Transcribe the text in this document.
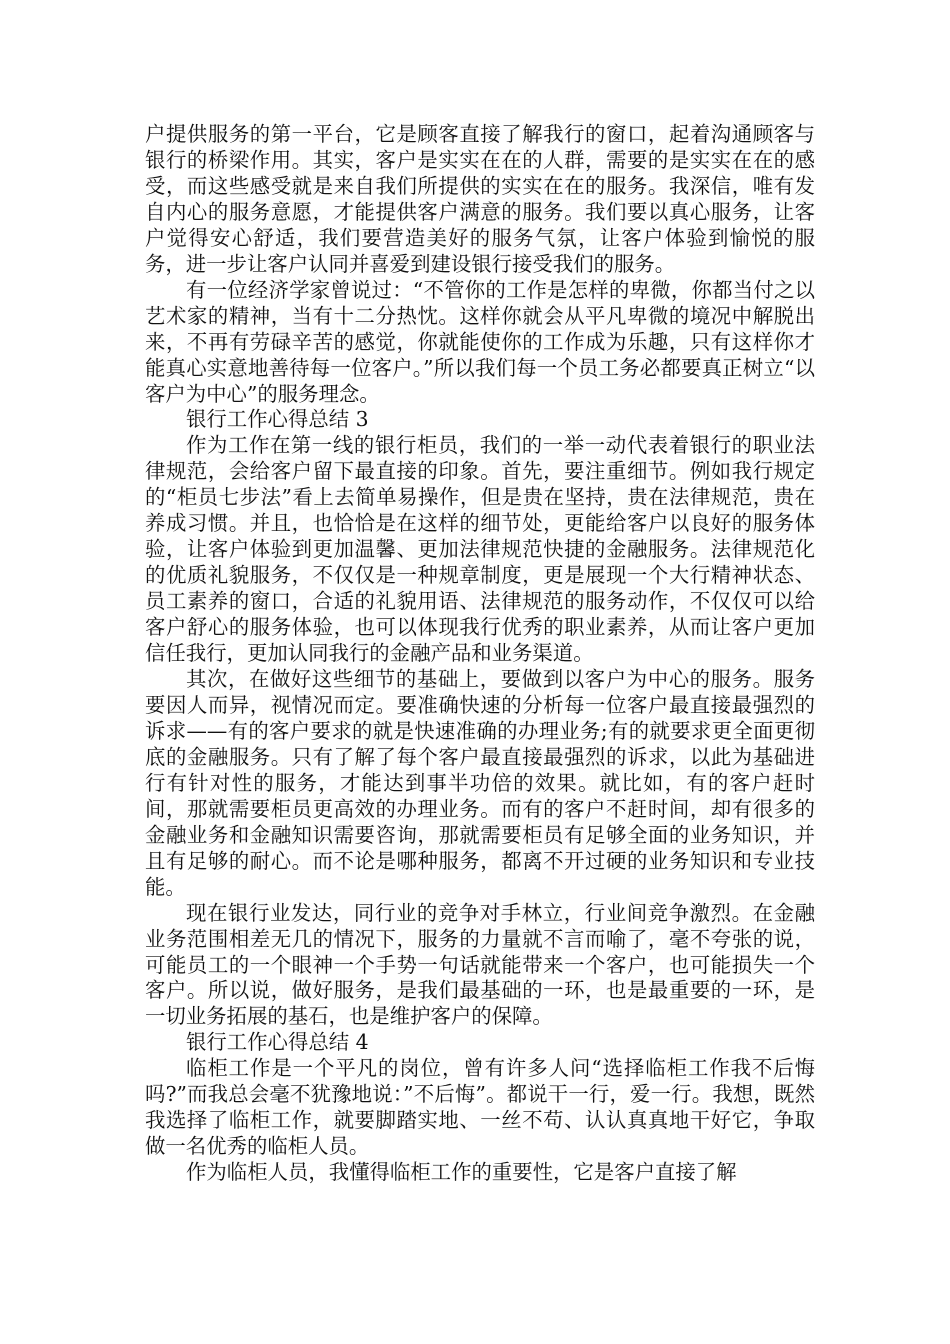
户提供服务的第一平台，它是顾客直接了解我行的窗口，起着沟通顾客与银行的桥梁作用。其实，客户是实实在在的人群，需要的是实实在在的感受，而这些感受就是来自我们所提供的实实在在的服务。我深信，唯有发自内心的服务意愿，才能提供客户满意的服务。我们要以真心服务，让客户觉得安心舒适，我们要营造美好的服务气氛，让客户体验到愉悦的服务，进一步让客户认同并喜爱到建设银行接受我们的服务。

有一位经济学家曾说过：“不管你的工作是怎样的卑微，你都当付之以艺术家的精神，当有十二分热忱。这样你就会从平凡卑微的境况中解脱出来，不再有劳碌辛苦的感觉，你就能使你的工作成为乐趣，只有这样你才能真心实意地善待每一位客户。”所以我们每一个员工务必都要真正树立“以客户为中心”的服务理念。

银行工作心得总结 3

作为工作在第一线的银行柜员，我们的一举一动代表着银行的职业法律规范，会给客户留下最直接的印象。首先，要注重细节。例如我行规定的“柜员七步法”看上去简单易操作，但是贵在坚持，贵在法律规范，贵在养成习惯。并且，也恰恰是在这样的细节处，更能给客户以良好的服务体验，让客户体验到更加温馨、更加法律规范快捷的金融服务。法律规范化的优质礼貌服务，不仅仅是一种规章制度，更是展现一个大行精神状态、员工素养的窗口，合适的礼貌用语、法律规范的服务动作，不仅仅可以给客户舒心的服务体验，也可以体现我行优秀的职业素养，从而让客户更加信任我行，更加认同我行的金融产品和业务渠道。

其次，在做好这些细节的基础上，要做到以客户为中心的服务。服务要因人而异，视情况而定。要准确快速的分析每一位客户最直接最强烈的诉求——有的客户要求的就是快速准确的办理业务;有的就要求更全面更彻底的金融服务。只有了解了每个客户最直接最强烈的诉求，以此为基础进行有针对性的服务，才能达到事半功倍的效果。就比如，有的客户赶时间，那就需要柜员更高效的办理业务。而有的客户不赶时间，却有很多的金融业务和金融知识需要咨询，那就需要柜员有足够全面的业务知识，并且有足够的耐心。而不论是哪种服务，都离不开过硬的业务知识和专业技能。

现在银行业发达，同行业的竞争对手林立，行业间竞争激烈。在金融业务范围相差无几的情况下，服务的力量就不言而喻了，毫不夸张的说，可能员工的一个眼神一个手势一句话就能带来一个客户，也可能损失一个客户。所以说，做好服务，是我们最基础的一环，也是最重要的一环，是一切业务拓展的基石，也是维护客户的保障。

银行工作心得总结 4

临柜工作是一个平凡的岗位，曾有许多人问“选择临柜工作我不后悔吗?”而我总会毫不犹豫地说：”不后悔”。都说干一行，爱一行。我想，既然我选择了临柜工作，就要脚踏实地、一丝不苟、认认真真地干好它，争取做一名优秀的临柜人员。

作为临柜人员，我懂得临柜工作的重要性，它是客户直接了解
